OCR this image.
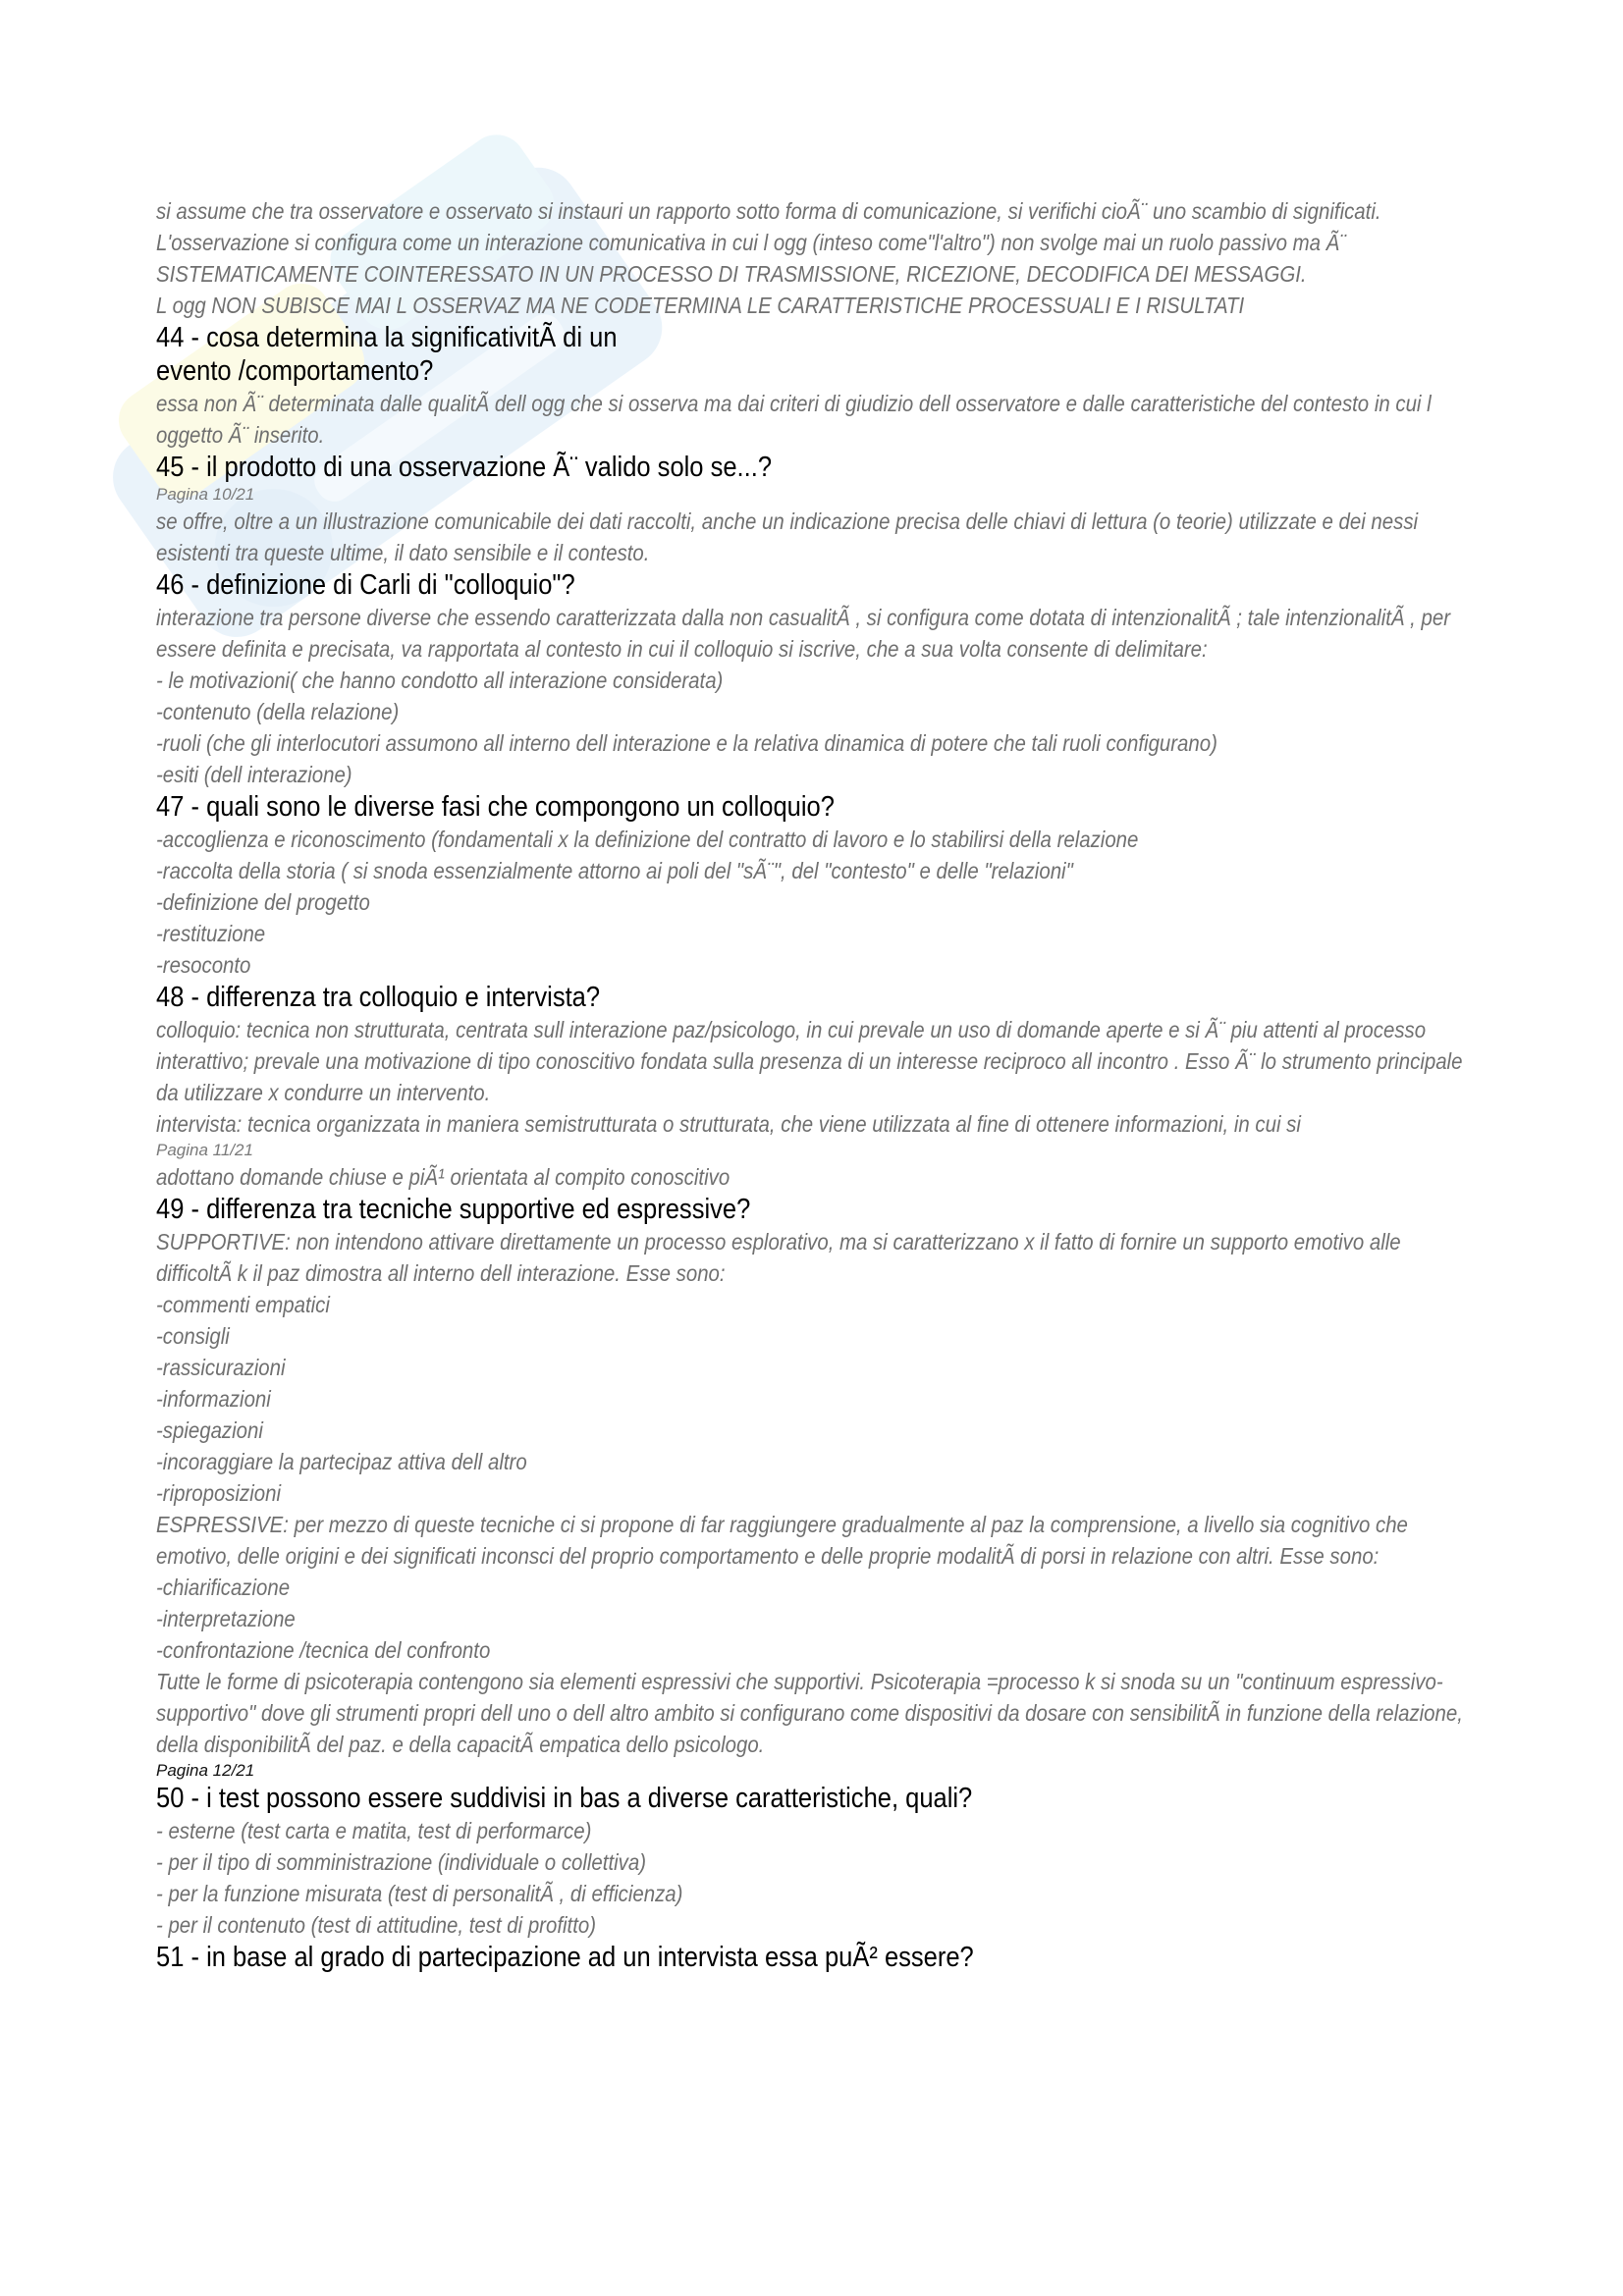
si assume che tra osservatore e osservato si instauri un rapporto sotto forma di comunicazione, si verifichi cioÃ¨ uno scambio di significati. L'osservazione si configura come un interazione comunicativa in cui l ogg (inteso come"l'altro") non svolge mai un ruolo passivo ma Ã¨ SISTEMATICAMENTE COINTERESSATO IN UN PROCESSO DI TRASMISSIONE, RICEZIONE, DECODIFICA DEI MESSAGGI.

L ogg NON SUBISCE MAI L OSSERVAZ MA NE CODETERMINA LE CARATTERISTICHE PROCESSUALI E I RISULTATI

44 - cosa determina la significativitÃ di un

evento /comportamento?

essa non Ã¨ determinata dalle qualitÃ dell ogg che si osserva ma dai criteri di giudizio dell osservatore e dalle caratteristiche del contesto in cui l oggetto Ã¨ inserito.

45 - il prodotto di una osservazione Ã¨ valido solo se...?

Pagina 10/21

se offre, oltre a un illustrazione comunicabile dei dati raccolti, anche un indicazione precisa delle chiavi di lettura (o teorie) utilizzate e dei nessi esistenti tra queste ultime, il dato sensibile e il contesto.

46 - definizione di Carli di "colloquio"?

interazione tra persone diverse che essendo caratterizzata dalla non casualitÃ , si configura come dotata di intenzionalitÃ ; tale intenzionalitÃ , per essere definita e precisata, va rapportata al contesto in cui il colloquio si iscrive, che a sua volta consente di delimitare:

- le motivazioni( che hanno condotto all interazione considerata)

-contenuto (della relazione)

-ruoli (che gli interlocutori assumono all interno dell interazione e la relativa dinamica di potere che tali ruoli configurano)

-esiti (dell interazione)

47 - quali sono le diverse fasi che compongono un colloquio?

-accoglienza e riconoscimento (fondamentali x la definizione del contratto di lavoro e lo stabilirsi della relazione

-raccolta della storia ( si snoda essenzialmente attorno ai poli del "sÃ¨", del "contesto" e delle "relazioni"

-definizione del progetto

-restituzione

-resoconto

48 - differenza tra colloquio e intervista?

colloquio: tecnica non strutturata, centrata sull interazione paz/psicologo, in cui prevale un uso di domande aperte e si Ã¨ piu attenti al processo interattivo; prevale una motivazione di tipo conoscitivo fondata sulla presenza di un interesse reciproco all incontro . Esso Ã¨ lo strumento principale da utilizzare x condurre un intervento.

intervista: tecnica organizzata in maniera semistrutturata o strutturata, che viene utilizzata al fine di ottenere informazioni, in cui si

Pagina 11/21

adottano domande chiuse e piÃ¹ orientata al compito conoscitivo

49 - differenza tra tecniche supportive ed espressive?

SUPPORTIVE: non intendono attivare direttamente un processo esplorativo, ma si caratterizzano x il fatto di fornire un supporto emotivo alle difficoltÃ k il paz dimostra all interno dell interazione. Esse sono:

-commenti empatici

-consigli

-rassicurazioni

-informazioni

-spiegazioni

-incoraggiare la partecipaz attiva dell altro

-riproposizioni

ESPRESSIVE: per mezzo di queste tecniche ci si propone di far raggiungere gradualmente al paz la comprensione, a livello sia cognitivo che emotivo, delle origini e dei significati inconsci del proprio comportamento e delle proprie modalitÃ di porsi in relazione con altri. Esse sono:

-chiarificazione

-interpretazione

-confrontazione /tecnica del confronto

Tutte le forme di psicoterapia contengono sia elementi espressivi che supportivi. Psicoterapia =processo k si snoda su un "continuum espressivo-supportivo" dove gli strumenti propri dell uno o dell altro ambito si configurano come dispositivi da dosare con sensibilitÃ in funzione della relazione, della disponibilitÃ del paz. e della capacitÃ empatica dello psicologo.

Pagina 12/21

50 - i test possono essere suddivisi in bas a diverse caratteristiche, quali?

- esterne (test carta e matita, test di performarce)

- per il tipo di somministrazione (individuale o collettiva)

- per la funzione misurata (test di personalitÃ , di efficienza)

- per il contenuto (test di attitudine, test di profitto)

51 - in base al grado di partecipazione ad un intervista essa puÃ² essere?
